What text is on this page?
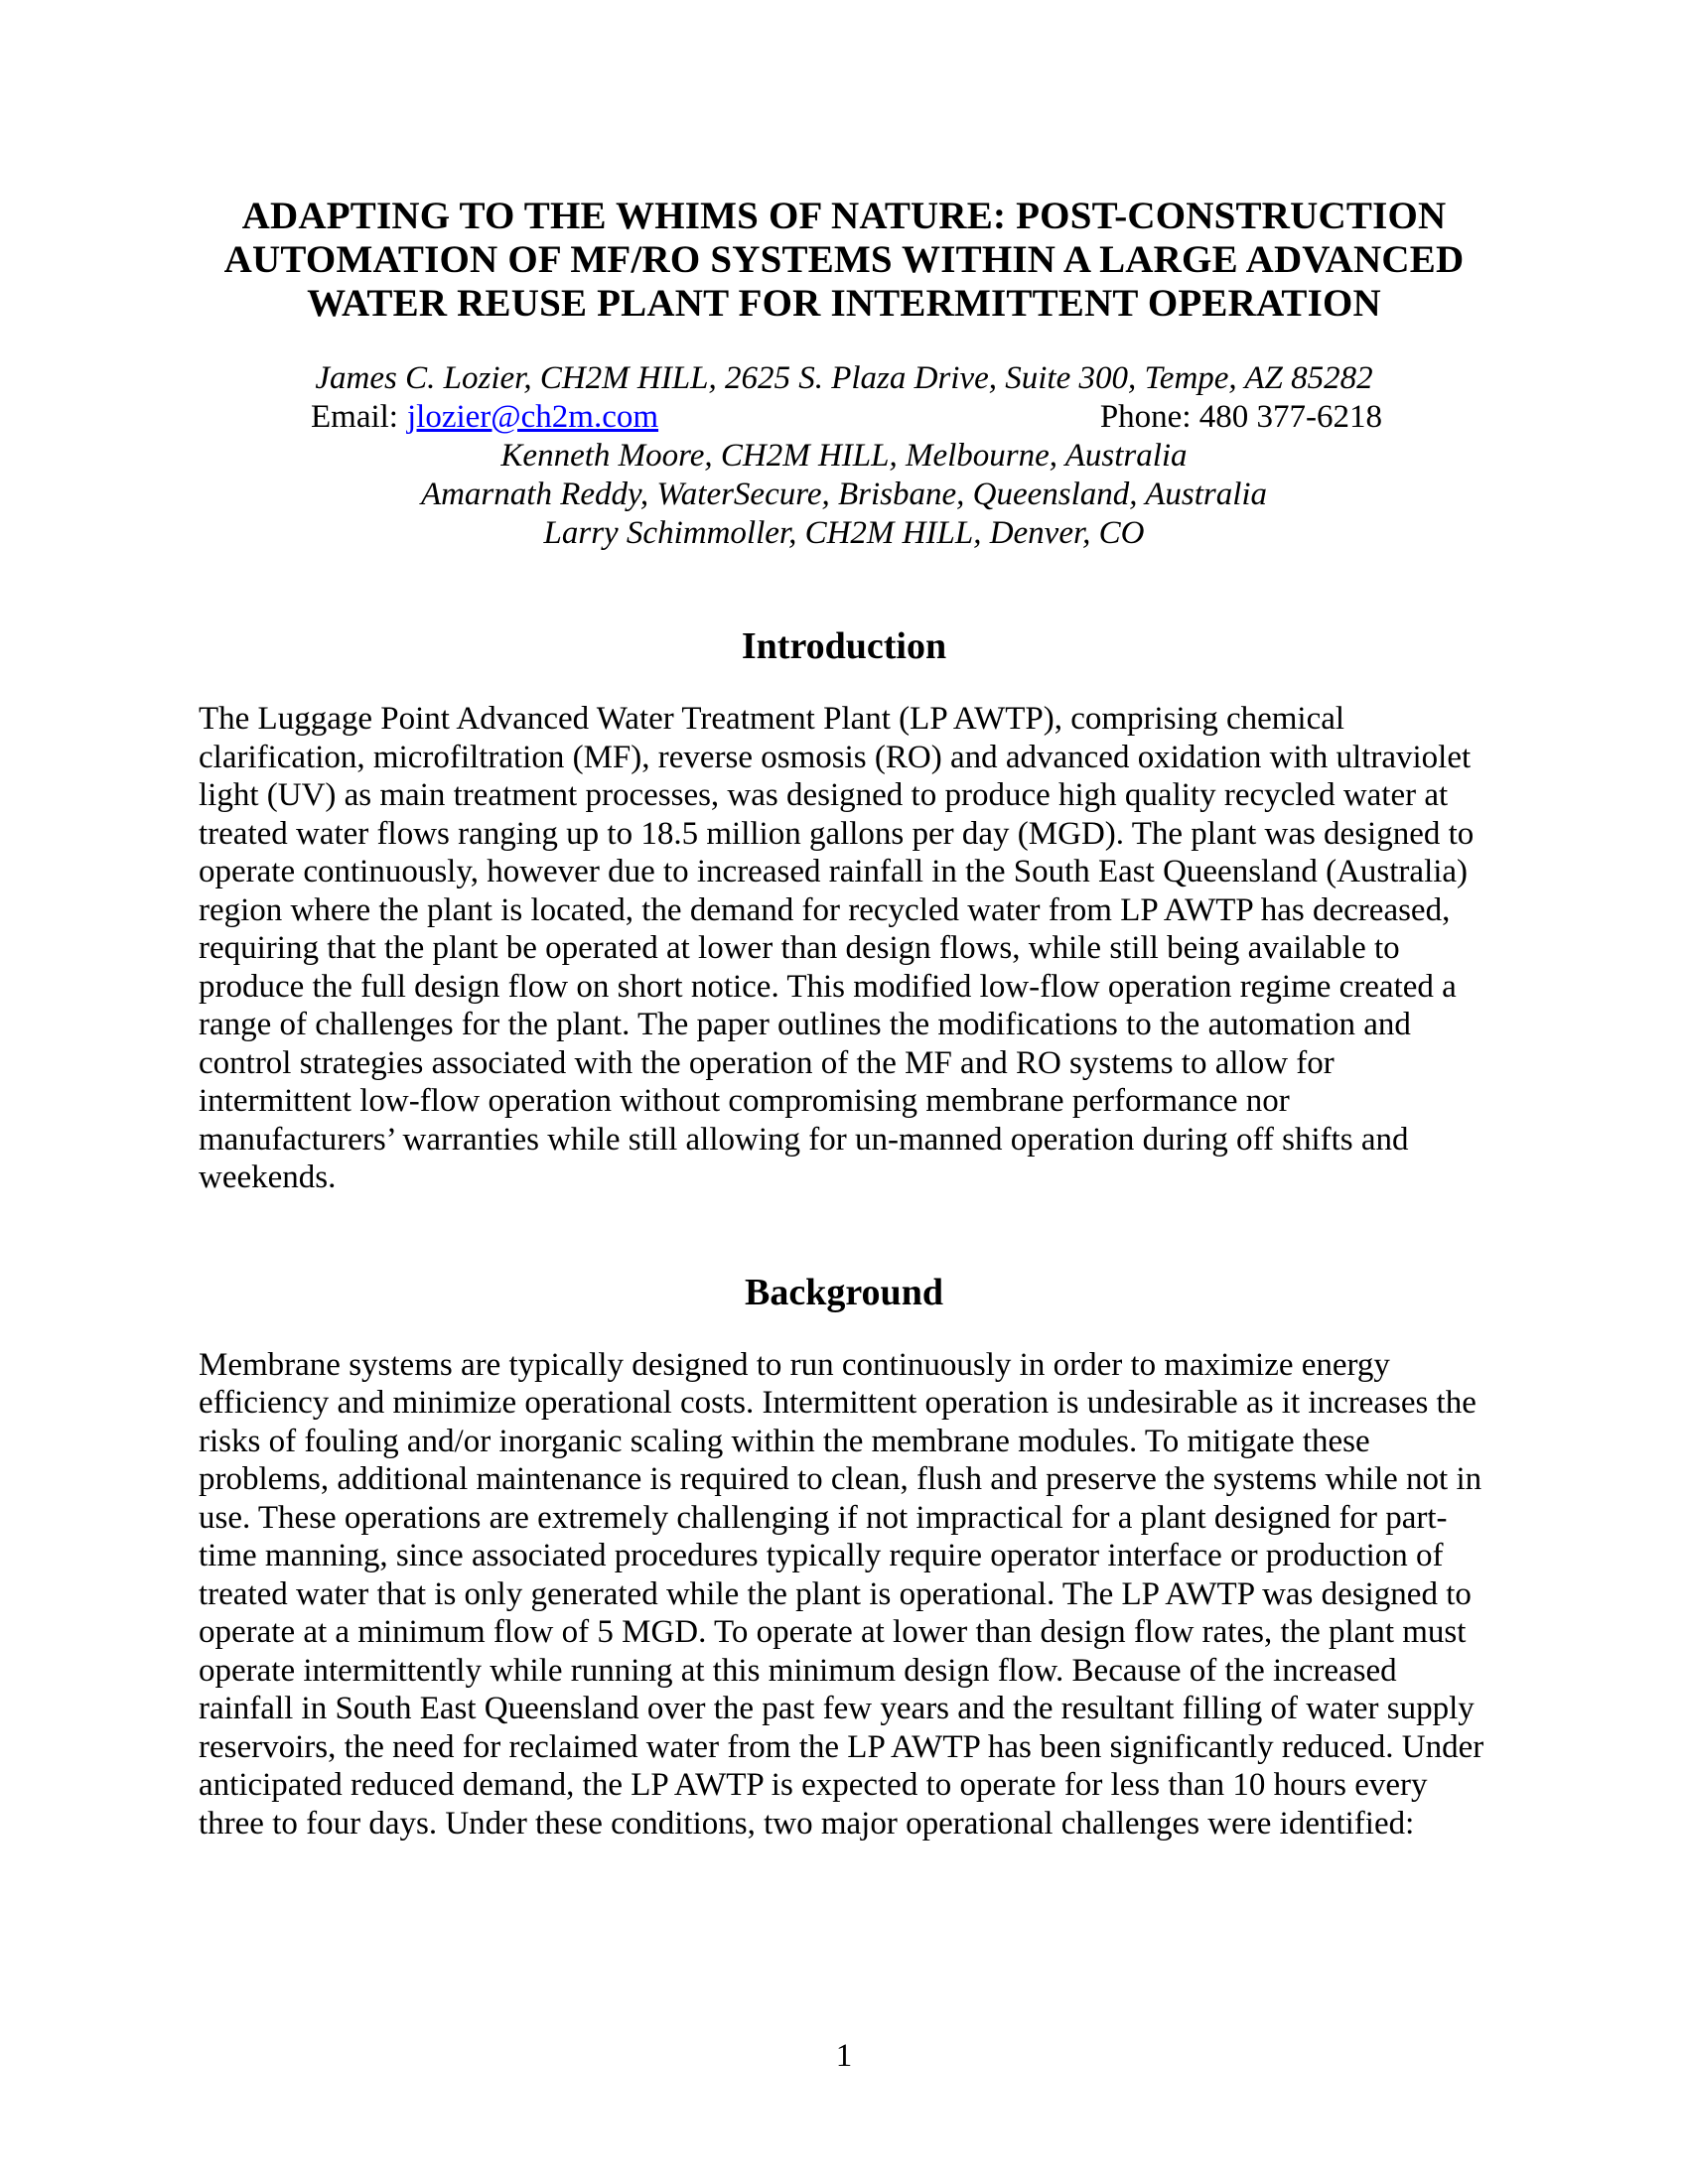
ADAPTING TO THE WHIMS OF NATURE: POST-CONSTRUCTION
AUTOMATION OF MF/RO SYSTEMS WITHIN A LARGE ADVANCED
WATER REUSE PLANT FOR INTERMITTENT OPERATION
James C. Lozier, CH2M HILL, 2625 S. Plaza Drive, Suite 300, Tempe, AZ 85282
Email: jlozier@ch2m.com	Phone: 480 377-6218
Kenneth Moore, CH2M HILL, Melbourne, Australia
Amarnath Reddy, WaterSecure, Brisbane, Queensland, Australia
Larry Schimmoller, CH2M HILL, Denver, CO
Introduction

The Luggage Point Advanced Water Treatment Plant (LP AWTP), comprising chemical clarification, microfiltration (MF), reverse osmosis (RO) and advanced oxidation with ultraviolet light (UV) as main treatment processes, was designed to produce high quality recycled water at treated water flows ranging up to 18.5 million gallons per day (MGD). The plant was designed to operate continuously, however due to increased rainfall in the South East Queensland (Australia) region where the plant is located, the demand for recycled water from LP AWTP has decreased, requiring that the plant be operated at lower than design flows, while still being available to produce the full design flow on short notice. This modified low-flow operation regime created a range of challenges for the plant. The paper outlines the modifications to the automation and control strategies associated with the operation of the MF and RO systems to allow for intermittent low-flow operation without compromising membrane performance nor manufacturers’ warranties while still allowing for un-manned operation during off shifts and weekends.

Background

Membrane systems are typically designed to run continuously in order to maximize energy efficiency and minimize operational costs. Intermittent operation is undesirable as it increases the risks of fouling and/or inorganic scaling within the membrane modules. To mitigate these problems, additional maintenance is required to clean, flush and preserve the systems while not in use. These operations are extremely challenging if not impractical for a plant designed for part-time manning, since associated procedures typically require operator interface or production of treated water that is only generated while the plant is operational. The LP AWTP was designed to operate at a minimum flow of 5 MGD. To operate at lower than design flow rates, the plant must operate intermittently while running at this minimum design flow. Because of the increased rainfall in South East Queensland over the past few years and the resultant filling of water supply reservoirs, the need for reclaimed water from the LP AWTP has been significantly reduced. Under anticipated reduced demand, the LP AWTP is expected to operate for less than 10 hours every three to four days. Under these conditions, two major operational challenges were identified:

1
